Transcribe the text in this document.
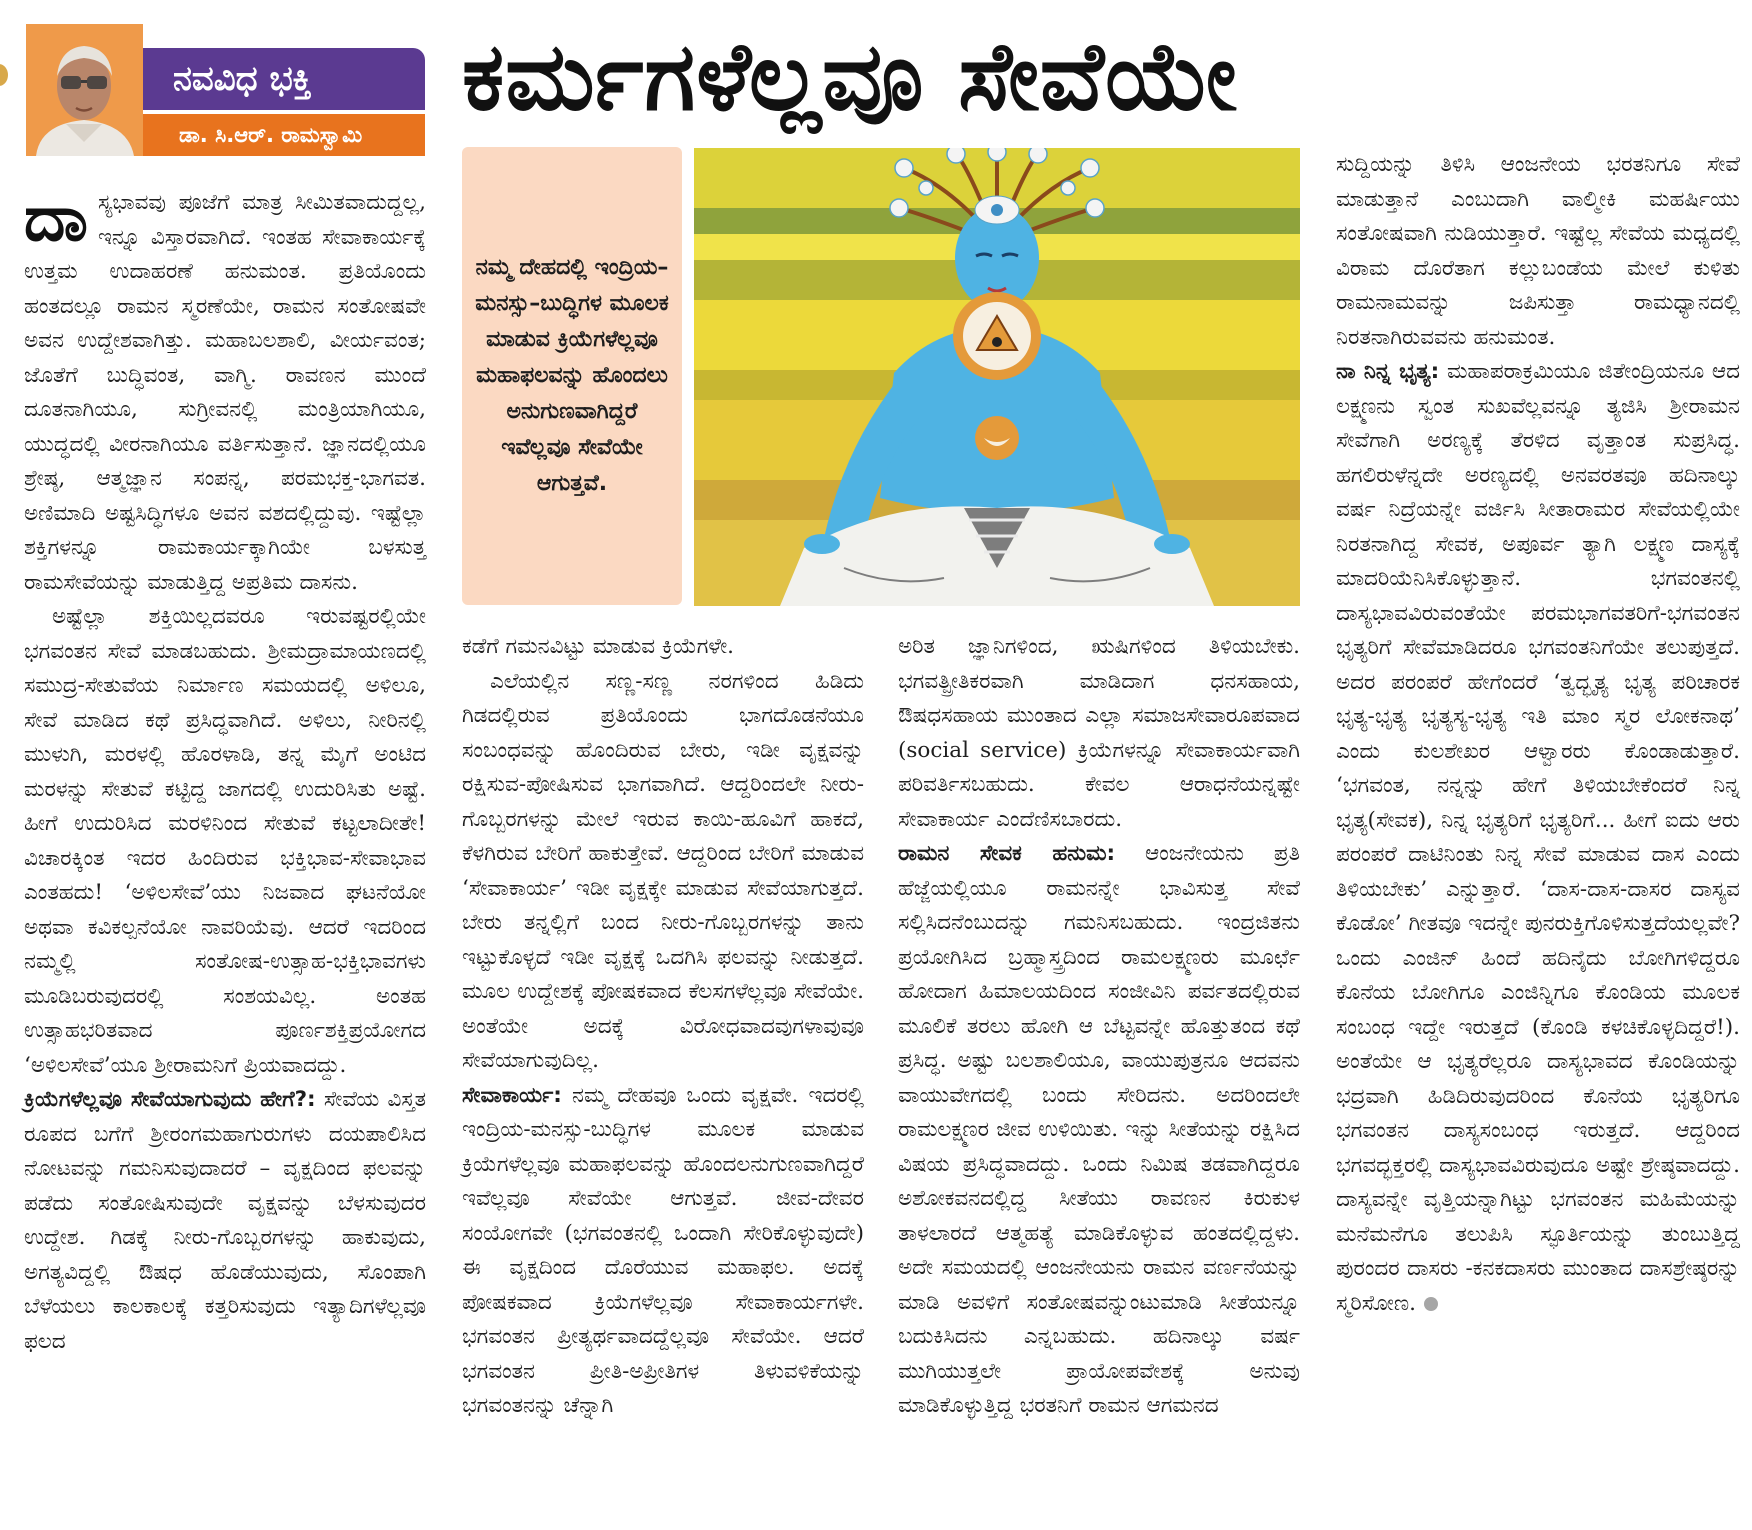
ನವವಿಧ ಭಕ್ತಿ
ಡಾ. ಸಿ.ಆರ್. ರಾಮಸ್ವಾಮಿ
ಕರ್ಮಗಳೆಲ್ಲವೂ ಸೇವೆಯೇ

ನಮ್ಮ ದೇಹದಲ್ಲಿ ಇಂದ್ರಿಯ–ಮನಸ್ಸು–ಬುದ್ಧಿಗಳ ಮೂಲಕ ಮಾಡುವ ಕ್ರಿಯೆಗಳೆಲ್ಲವೂ ಮಹಾಫಲವನ್ನು ಹೊಂದಲು ಅನುಗುಣವಾಗಿದ್ದರೆ ಇವೆಲ್ಲವೂ ಸೇವೆಯೇ ಆಗುತ್ತವೆ.

ದಾಸ್ಯಭಾವವು ಪೂಜೆಗೆ ಮಾತ್ರ ಸೀಮಿತವಾದುದ್ದಲ್ಲ, ಇನ್ನೂ ವಿಸ್ತಾರವಾಗಿದೆ. ಇಂತಹ ಸೇವಾಕಾರ್ಯಕ್ಕೆ ಉತ್ತಮ ಉದಾಹರಣೆ ಹನುಮಂತ. ಪ್ರತಿಯೊಂದು ಹಂತದಲ್ಲೂ ರಾಮನ ಸ್ಮರಣೆಯೇ, ರಾಮನ ಸಂತೋಷವೇ ಅವನ ಉದ್ದೇಶವಾಗಿತ್ತು. ಮಹಾಬಲಶಾಲಿ, ವೀರ್ಯವಂತ; ಜೊತೆಗೆ ಬುದ್ಧಿವಂತ, ವಾಗ್ಮಿ. ರಾವಣನ ಮುಂದೆ ದೂತನಾಗಿಯೂ, ಸುಗ್ರೀವನಲ್ಲಿ ಮಂತ್ರಿಯಾಗಿಯೂ, ಯುದ್ಧದಲ್ಲಿ ವೀರನಾಗಿಯೂ ವರ್ತಿಸುತ್ತಾನೆ. ಜ್ಞಾನದಲ್ಲಿಯೂ ಶ್ರೇಷ್ಠ, ಆತ್ಮಜ್ಞಾನ ಸಂಪನ್ನ, ಪರಮಭಕ್ತ-ಭಾಗವತ. ಅಣಿಮಾದಿ ಅಷ್ಟಸಿದ್ಧಿಗಳೂ ಅವನ ವಶದಲ್ಲಿದ್ದುವು. ಇಷ್ಟೆಲ್ಲಾ ಶಕ್ತಿಗಳನ್ನೂ ರಾಮಕಾರ್ಯಕ್ಕಾಗಿಯೇ ಬಳಸುತ್ತ ರಾಮಸೇವೆಯನ್ನು ಮಾಡುತ್ತಿದ್ದ ಅಪ್ರತಿಮ ದಾಸನು.

ಅಷ್ಟೆಲ್ಲಾ ಶಕ್ತಿಯಿಲ್ಲದವರೂ ಇರುವಷ್ಟರಲ್ಲಿಯೇ ಭಗವಂತನ ಸೇವೆ ಮಾಡಬಹುದು. ಶ್ರೀಮದ್ರಾಮಾಯಣದಲ್ಲಿ ಸಮುದ್ರ-ಸೇತುವೆಯ ನಿರ್ಮಾಣ ಸಮಯದಲ್ಲಿ ಅಳಿಲೂ, ಸೇವೆ ಮಾಡಿದ ಕಥೆ ಪ್ರಸಿದ್ಧವಾಗಿದೆ. ಅಳಿಲು, ನೀರಿನಲ್ಲಿ ಮುಳುಗಿ, ಮರಳಲ್ಲಿ ಹೊರಳಾಡಿ, ತನ್ನ ಮೈಗೆ ಅಂಟಿದ ಮರಳನ್ನು ಸೇತುವೆ ಕಟ್ಟಿದ್ದ ಜಾಗದಲ್ಲಿ ಉದುರಿಸಿತು ಅಷ್ಟೆ. ಹೀಗೆ ಉದುರಿಸಿದ ಮರಳಿನಿಂದ ಸೇತುವೆ ಕಟ್ಟಲಾದೀತೇ! ವಿಚಾರಕ್ಕಿಂತ ಇದರ ಹಿಂದಿರುವ ಭಕ್ತಿಭಾವ-ಸೇವಾಭಾವ ಎಂತಹದು! ‘ಅಳಿಲಸೇವೆ’ಯು ನಿಜವಾದ ಘಟನೆಯೋ ಅಥವಾ ಕವಿಕಲ್ಪನೆಯೋ ನಾವರಿಯೆವು. ಆದರೆ ಇದರಿಂದ ನಮ್ಮಲ್ಲಿ ಸಂತೋಷ-ಉತ್ಸಾಹ-ಭಕ್ತಿಭಾವಗಳು ಮೂಡಿಬರುವುದರಲ್ಲಿ ಸಂಶಯವಿಲ್ಲ. ಅಂತಹ ಉತ್ಸಾಹಭರಿತವಾದ ಪೂರ್ಣಶಕ್ತಿಪ್ರಯೋಗದ ‘ಅಳಿಲಸೇವೆ’ಯೂ ಶ್ರೀರಾಮನಿಗೆ ಪ್ರಿಯವಾದದ್ದು.

ಕ್ರಿಯೆಗಳೆಲ್ಲವೂ ಸೇವೆಯಾಗುವುದು ಹೇಗೆ?: ಸೇವೆಯ ವಿಸ್ತತ ರೂಪದ ಬಗೆಗೆ ಶ್ರೀರಂಗಮಹಾಗುರುಗಳು ದಯಪಾಲಿಸಿದ ನೋಟವನ್ನು ಗಮನಿಸುವುದಾದರೆ – ವೃಕ್ಷದಿಂದ ಫಲವನ್ನು ಪಡೆದು ಸಂತೋಷಿಸುವುದೇ ವೃಕ್ಷವನ್ನು ಬೆಳಸುವುದರ ಉದ್ದೇಶ. ಗಿಡಕ್ಕೆ ನೀರು-ಗೊಬ್ಬರಗಳನ್ನು ಹಾಕುವುದು, ಅಗತ್ಯವಿದ್ದಲ್ಲಿ ಔಷಧ ಹೊಡೆಯುವುದು, ಸೊಂಪಾಗಿ ಬೆಳೆಯಲು ಕಾಲಕಾಲಕ್ಕೆ ಕತ್ತರಿಸುವುದು ಇತ್ಯಾದಿಗಳೆಲ್ಲವೂ ಫಲದ

ಕಡೆಗೆ ಗಮನವಿಟ್ಟು ಮಾಡುವ ಕ್ರಿಯೆಗಳೇ.

ಎಲೆಯಲ್ಲಿನ ಸಣ್ಣ-ಸಣ್ಣ ನರಗಳಿಂದ ಹಿಡಿದು ಗಿಡದಲ್ಲಿರುವ ಪ್ರತಿಯೊಂದು ಭಾಗದೊಡನೆಯೂ ಸಂಬಂಧವನ್ನು ಹೊಂದಿರುವ ಬೇರು, ಇಡೀ ವೃಕ್ಷವನ್ನು ರಕ್ಷಿಸುವ-ಪೋಷಿಸುವ ಭಾಗವಾಗಿದೆ. ಆದ್ದರಿಂದಲೇ ನೀರು-ಗೊಬ್ಬರಗಳನ್ನು ಮೇಲೆ ಇರುವ ಕಾಯಿ-ಹೂವಿಗೆ ಹಾಕದೆ, ಕೆಳಗಿರುವ ಬೇರಿಗೆ ಹಾಕುತ್ತೇವೆ. ಆದ್ದರಿಂದ ಬೇರಿಗೆ ಮಾಡುವ ‘ಸೇವಾಕಾರ್ಯ’ ಇಡೀ ವೃಕ್ಷಕ್ಕೇ ಮಾಡುವ ಸೇವೆಯಾಗುತ್ತದೆ. ಬೇರು ತನ್ನಲ್ಲಿಗೆ ಬಂದ ನೀರು-ಗೊಬ್ಬರಗಳನ್ನು ತಾನು ಇಟ್ಟುಕೊಳ್ಳದೆ ಇಡೀ ವೃಕ್ಷಕ್ಕೆ ಒದಗಿಸಿ ಫಲವನ್ನು ನೀಡುತ್ತದೆ. ಮೂಲ ಉದ್ದೇಶಕ್ಕೆ ಪೋಷಕವಾದ ಕೆಲಸಗಳೆಲ್ಲವೂ ಸೇವೆಯೇ. ಅಂತೆಯೇ ಅದಕ್ಕೆ ವಿರೋಧವಾದವುಗಳಾವುವೂ ಸೇವೆಯಾಗುವುದಿಲ್ಲ.

ಸೇವಾಕಾರ್ಯ: ನಮ್ಮ ದೇಹವೂ ಒಂದು ವೃಕ್ಷವೇ. ಇದರಲ್ಲಿ ಇಂದ್ರಿಯ-ಮನಸ್ಸು-ಬುದ್ಧಿಗಳ ಮೂಲಕ ಮಾಡುವ ಕ್ರಿಯೆಗಳೆಲ್ಲವೂ ಮಹಾಫಲವನ್ನು ಹೊಂದಲನುಗುಣವಾಗಿದ್ದರೆ ಇವೆಲ್ಲವೂ ಸೇವೆಯೇ ಆಗುತ್ತವೆ. ಜೀವ-ದೇವರ ಸಂಯೋಗವೇ (ಭಗವಂತನಲ್ಲಿ ಒಂದಾಗಿ ಸೇರಿಕೊಳ್ಳುವುದೇ) ಈ ವೃಕ್ಷದಿಂದ ದೊರೆಯುವ ಮಹಾಫಲ. ಅದಕ್ಕೆ ಪೋಷಕವಾದ ಕ್ರಿಯೆಗಳೆಲ್ಲವೂ ಸೇವಾಕಾರ್ಯಗಳೇ. ಭಗವಂತನ ಪ್ರೀತ್ಯರ್ಥವಾದದ್ದೆಲ್ಲವೂ ಸೇವೆಯೇ. ಆದರೆ ಭಗವಂತನ ಪ್ರೀತಿ-ಅಪ್ರೀತಿಗಳ ತಿಳುವಳಿಕೆಯನ್ನು ಭಗವಂತನನ್ನು ಚೆನ್ನಾಗಿ

ಅರಿತ ಜ್ಞಾನಿಗಳಿಂದ, ಋಷಿಗಳಿಂದ ತಿಳಿಯಬೇಕು. ಭಗವತ್ಪ್ರೀತಿಕರವಾಗಿ ಮಾಡಿದಾಗ ಧನಸಹಾಯ, ಔಷಧಸಹಾಯ ಮುಂತಾದ ಎಲ್ಲಾ ಸಮಾಜಸೇವಾರೂಪವಾದ (social service) ಕ್ರಿಯೆಗಳನ್ನೂ ಸೇವಾಕಾರ್ಯವಾಗಿ ಪರಿವರ್ತಿಸಬಹುದು. ಕೇವಲ ಆರಾಧನೆಯನ್ನಷ್ಟೇ ಸೇವಾಕಾರ್ಯ ಎಂದೆಣಿಸಬಾರದು.

ರಾಮನ ಸೇವಕ ಹನುಮ: ಆಂಜನೇಯನು ಪ್ರತಿ ಹೆಜ್ಜೆಯಲ್ಲಿಯೂ ರಾಮನನ್ನೇ ಭಾವಿಸುತ್ತ ಸೇವೆ ಸಲ್ಲಿಸಿದನೆಂಬುದನ್ನು ಗಮನಿಸಬಹುದು. ಇಂದ್ರಜಿತನು ಪ್ರಯೋಗಿಸಿದ ಬ್ರಹ್ಮಾಸ್ತ್ರದಿಂದ ರಾಮಲಕ್ಷ್ಮಣರು ಮೂರ್ಛೆ ಹೋದಾಗ ಹಿಮಾಲಯದಿಂದ ಸಂಜೀವಿನಿ ಪರ್ವತದಲ್ಲಿರುವ ಮೂಲಿಕೆ ತರಲು ಹೋಗಿ ಆ ಬೆಟ್ಟವನ್ನೇ ಹೊತ್ತುತಂದ ಕಥೆ ಪ್ರಸಿದ್ಧ. ಅಷ್ಟು ಬಲಶಾಲಿಯೂ, ವಾಯುಪುತ್ರನೂ ಆದವನು ವಾಯುವೇಗದಲ್ಲಿ ಬಂದು ಸೇರಿದನು. ಅದರಿಂದಲೇ ರಾಮಲಕ್ಷ್ಮಣರ ಜೀವ ಉಳಿಯಿತು. ಇನ್ನು ಸೀತೆಯನ್ನು ರಕ್ಷಿಸಿದ ವಿಷಯ ಪ್ರಸಿದ್ಧವಾದದ್ದು. ಒಂದು ನಿಮಿಷ ತಡವಾಗಿದ್ದರೂ ಅಶೋಕವನದಲ್ಲಿದ್ದ ಸೀತೆಯು ರಾವಣನ ಕಿರುಕುಳ ತಾಳಲಾರದೆ ಆತ್ಮಹತ್ಯೆ ಮಾಡಿಕೊಳ್ಳುವ ಹಂತದಲ್ಲಿದ್ದಳು. ಅದೇ ಸಮಯದಲ್ಲಿ ಆಂಜನೇಯನು ರಾಮನ ವರ್ಣನೆಯನ್ನು ಮಾಡಿ ಅವಳಿಗೆ ಸಂತೋಷವನ್ನುಂಟುಮಾಡಿ ಸೀತೆಯನ್ನೂ ಬದುಕಿಸಿದನು ಎನ್ನಬಹುದು. ಹದಿನಾಲ್ಕು ವರ್ಷ ಮುಗಿಯುತ್ತಲೇ ಪ್ರಾಯೋಪವೇಶಕ್ಕೆ ಅನುವು ಮಾಡಿಕೊಳ್ಳುತ್ತಿದ್ದ ಭರತನಿಗೆ ರಾಮನ ಆಗಮನದ

ಸುದ್ದಿಯನ್ನು ತಿಳಿಸಿ ಆಂಜನೇಯ ಭರತನಿಗೂ ಸೇವೆ ಮಾಡುತ್ತಾನೆ ಎಂಬುದಾಗಿ ವಾಲ್ಮೀಕಿ ಮಹರ್ಷಿಯು ಸಂತೋಷವಾಗಿ ನುಡಿಯುತ್ತಾರೆ. ಇಷ್ಟೆಲ್ಲ ಸೇವೆಯ ಮಧ್ಯದಲ್ಲಿ ವಿರಾಮ ದೊರೆತಾಗ ಕಲ್ಲುಬಂಡೆಯ ಮೇಲೆ ಕುಳಿತು ರಾಮನಾಮವನ್ನು ಜಪಿಸುತ್ತಾ ರಾಮಧ್ಯಾನದಲ್ಲಿ ನಿರತನಾಗಿರುವವನು ಹನುಮಂತ.

ನಾ ನಿನ್ನ ಭೃತ್ಯ: ಮಹಾಪರಾಕ್ರಮಿಯೂ ಜಿತೇಂದ್ರಿಯನೂ ಆದ ಲಕ್ಷ್ಮಣನು ಸ್ವಂತ ಸುಖವೆಲ್ಲವನ್ನೂ ತ್ಯಜಿಸಿ ಶ್ರೀರಾಮನ ಸೇವೆಗಾಗಿ ಅರಣ್ಯಕ್ಕೆ ತೆರಳಿದ ವೃತ್ತಾಂತ ಸುಪ್ರಸಿದ್ಧ. ಹಗಲಿರುಳೆನ್ನದೇ ಅರಣ್ಯದಲ್ಲಿ ಅನವರತವೂ ಹದಿನಾಲ್ಕು ವರ್ಷ ನಿದ್ರೆಯನ್ನೇ ವರ್ಜಿಸಿ ಸೀತಾರಾಮರ ಸೇವೆಯಲ್ಲಿಯೇ ನಿರತನಾಗಿದ್ದ ಸೇವಕ, ಅಪೂರ್ವ ತ್ಯಾಗಿ ಲಕ್ಷ್ಮಣ ದಾಸ್ಯಕ್ಕೆ ಮಾದರಿಯೆನಿಸಿಕೊಳ್ಳುತ್ತಾನೆ. ಭಗವಂತನಲ್ಲಿ ದಾಸ್ಯಭಾವವಿರುವಂತೆಯೇ ಪರಮಭಾಗವತರಿಗೆ-ಭಗವಂತನ ಭೃತ್ಯರಿಗೆ ಸೇವೆಮಾಡಿದರೂ ಭಗವಂತನಿಗೆಯೇ ತಲುಪುತ್ತದೆ. ಅದರ ಪರಂಪರೆ ಹೇಗೆಂದರೆ ‘ತ್ವದ್ಭೃತ್ಯ ಭೃತ್ಯ ಪರಿಚಾರಕ ಭೃತ್ಯ-ಭೃತ್ಯ ಭೃತ್ಯಸ್ಯ-ಭೃತ್ಯ ಇತಿ ಮಾಂ ಸ್ಮರ ಲೋಕನಾಥ’ ಎಂದು ಕುಲಶೇಖರ ಆಳ್ವಾರರು ಕೊಂಡಾಡುತ್ತಾರೆ. ‘ಭಗವಂತ, ನನ್ನನ್ನು ಹೇಗೆ ತಿಳಿಯಬೇಕೆಂದರೆ ನಿನ್ನ ಭೃತ್ಯ(ಸೇವಕ), ನಿನ್ನ ಭೃತ್ಯರಿಗೆ ಭೃತ್ಯರಿಗೆ... ಹೀಗೆ ಐದು ಆರು ಪರಂಪರೆ ದಾಟಿನಿಂತು ನಿನ್ನ ಸೇವೆ ಮಾಡುವ ದಾಸ ಎಂದು ತಿಳಿಯಬೇಕು’ ಎನ್ನುತ್ತಾರೆ. ‘ದಾಸ-ದಾಸ-ದಾಸರ ದಾಸ್ಯವ ಕೊಡೋ’ ಗೀತವೂ ಇದನ್ನೇ ಪುನರುಕ್ತಿಗೊಳಿಸುತ್ತದೆಯಲ್ಲವೇ? ಒಂದು ಎಂಜಿನ್ ಹಿಂದೆ ಹದಿನೈದು ಬೋಗಿಗಳಿದ್ದರೂ ಕೊನೆಯ ಬೋಗಿಗೂ ಎಂಜಿನ್ನಿಗೂ ಕೊಂಡಿಯ ಮೂಲಕ ಸಂಬಂಧ ಇದ್ದೇ ಇರುತ್ತದೆ (ಕೊಂಡಿ ಕಳಚಿಕೊಳ್ಳದಿದ್ದರೆ!). ಅಂತೆಯೇ ಆ ಭೃತ್ಯರೆಲ್ಲರೂ ದಾಸ್ಯಭಾವದ ಕೊಂಡಿಯನ್ನು ಭದ್ರವಾಗಿ ಹಿಡಿದಿರುವುದರಿಂದ ಕೊನೆಯ ಭೃತ್ಯರಿಗೂ ಭಗವಂತನ ದಾಸ್ಯಸಂಬಂಧ ಇರುತ್ತದೆ. ಆದ್ದರಿಂದ ಭಗವದ್ಭಕ್ತರಲ್ಲಿ ದಾಸ್ಯಭಾವವಿರುವುದೂ ಅಷ್ಟೇ ಶ್ರೇಷ್ಠವಾದದ್ದು. ದಾಸ್ಯವನ್ನೇ ವೃತ್ತಿಯನ್ನಾಗಿಟ್ಟು ಭಗವಂತನ ಮಹಿಮೆಯನ್ನು ಮನೆಮನೆಗೂ ತಲುಪಿಸಿ ಸ್ಫೂರ್ತಿಯನ್ನು ತುಂಬುತ್ತಿದ್ದ ಪುರಂದರ ದಾಸರು -ಕನಕದಾಸರು ಮುಂತಾದ ದಾಸಶ್ರೇಷ್ಠರನ್ನು ಸ್ಮರಿಸೋಣ.
